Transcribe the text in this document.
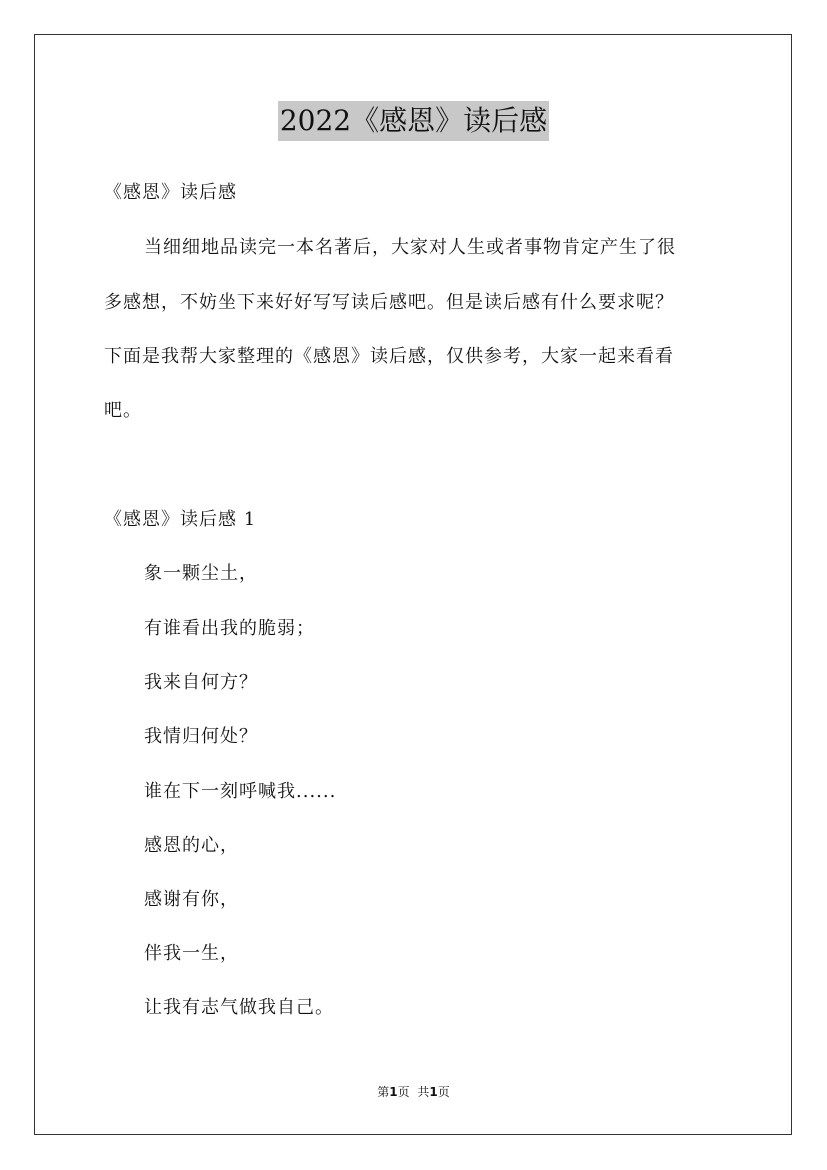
2022《感恩》读后感
《感恩》读后感
当细细地品读完一本名著后，大家对人生或者事物肯定产生了很
多感想，不妨坐下来好好写写读后感吧。但是读后感有什么要求呢？
下面是我帮大家整理的《感恩》读后感，仅供参考，大家一起来看看
吧。
《感恩》读后感 1
象一颗尘土，
有谁看出我的脆弱；
我来自何方？
我情归何处？
谁在下一刻呼喊我......
感恩的心，
感谢有你，
伴我一生，
让我有志气做我自己。
第1页 共1页
